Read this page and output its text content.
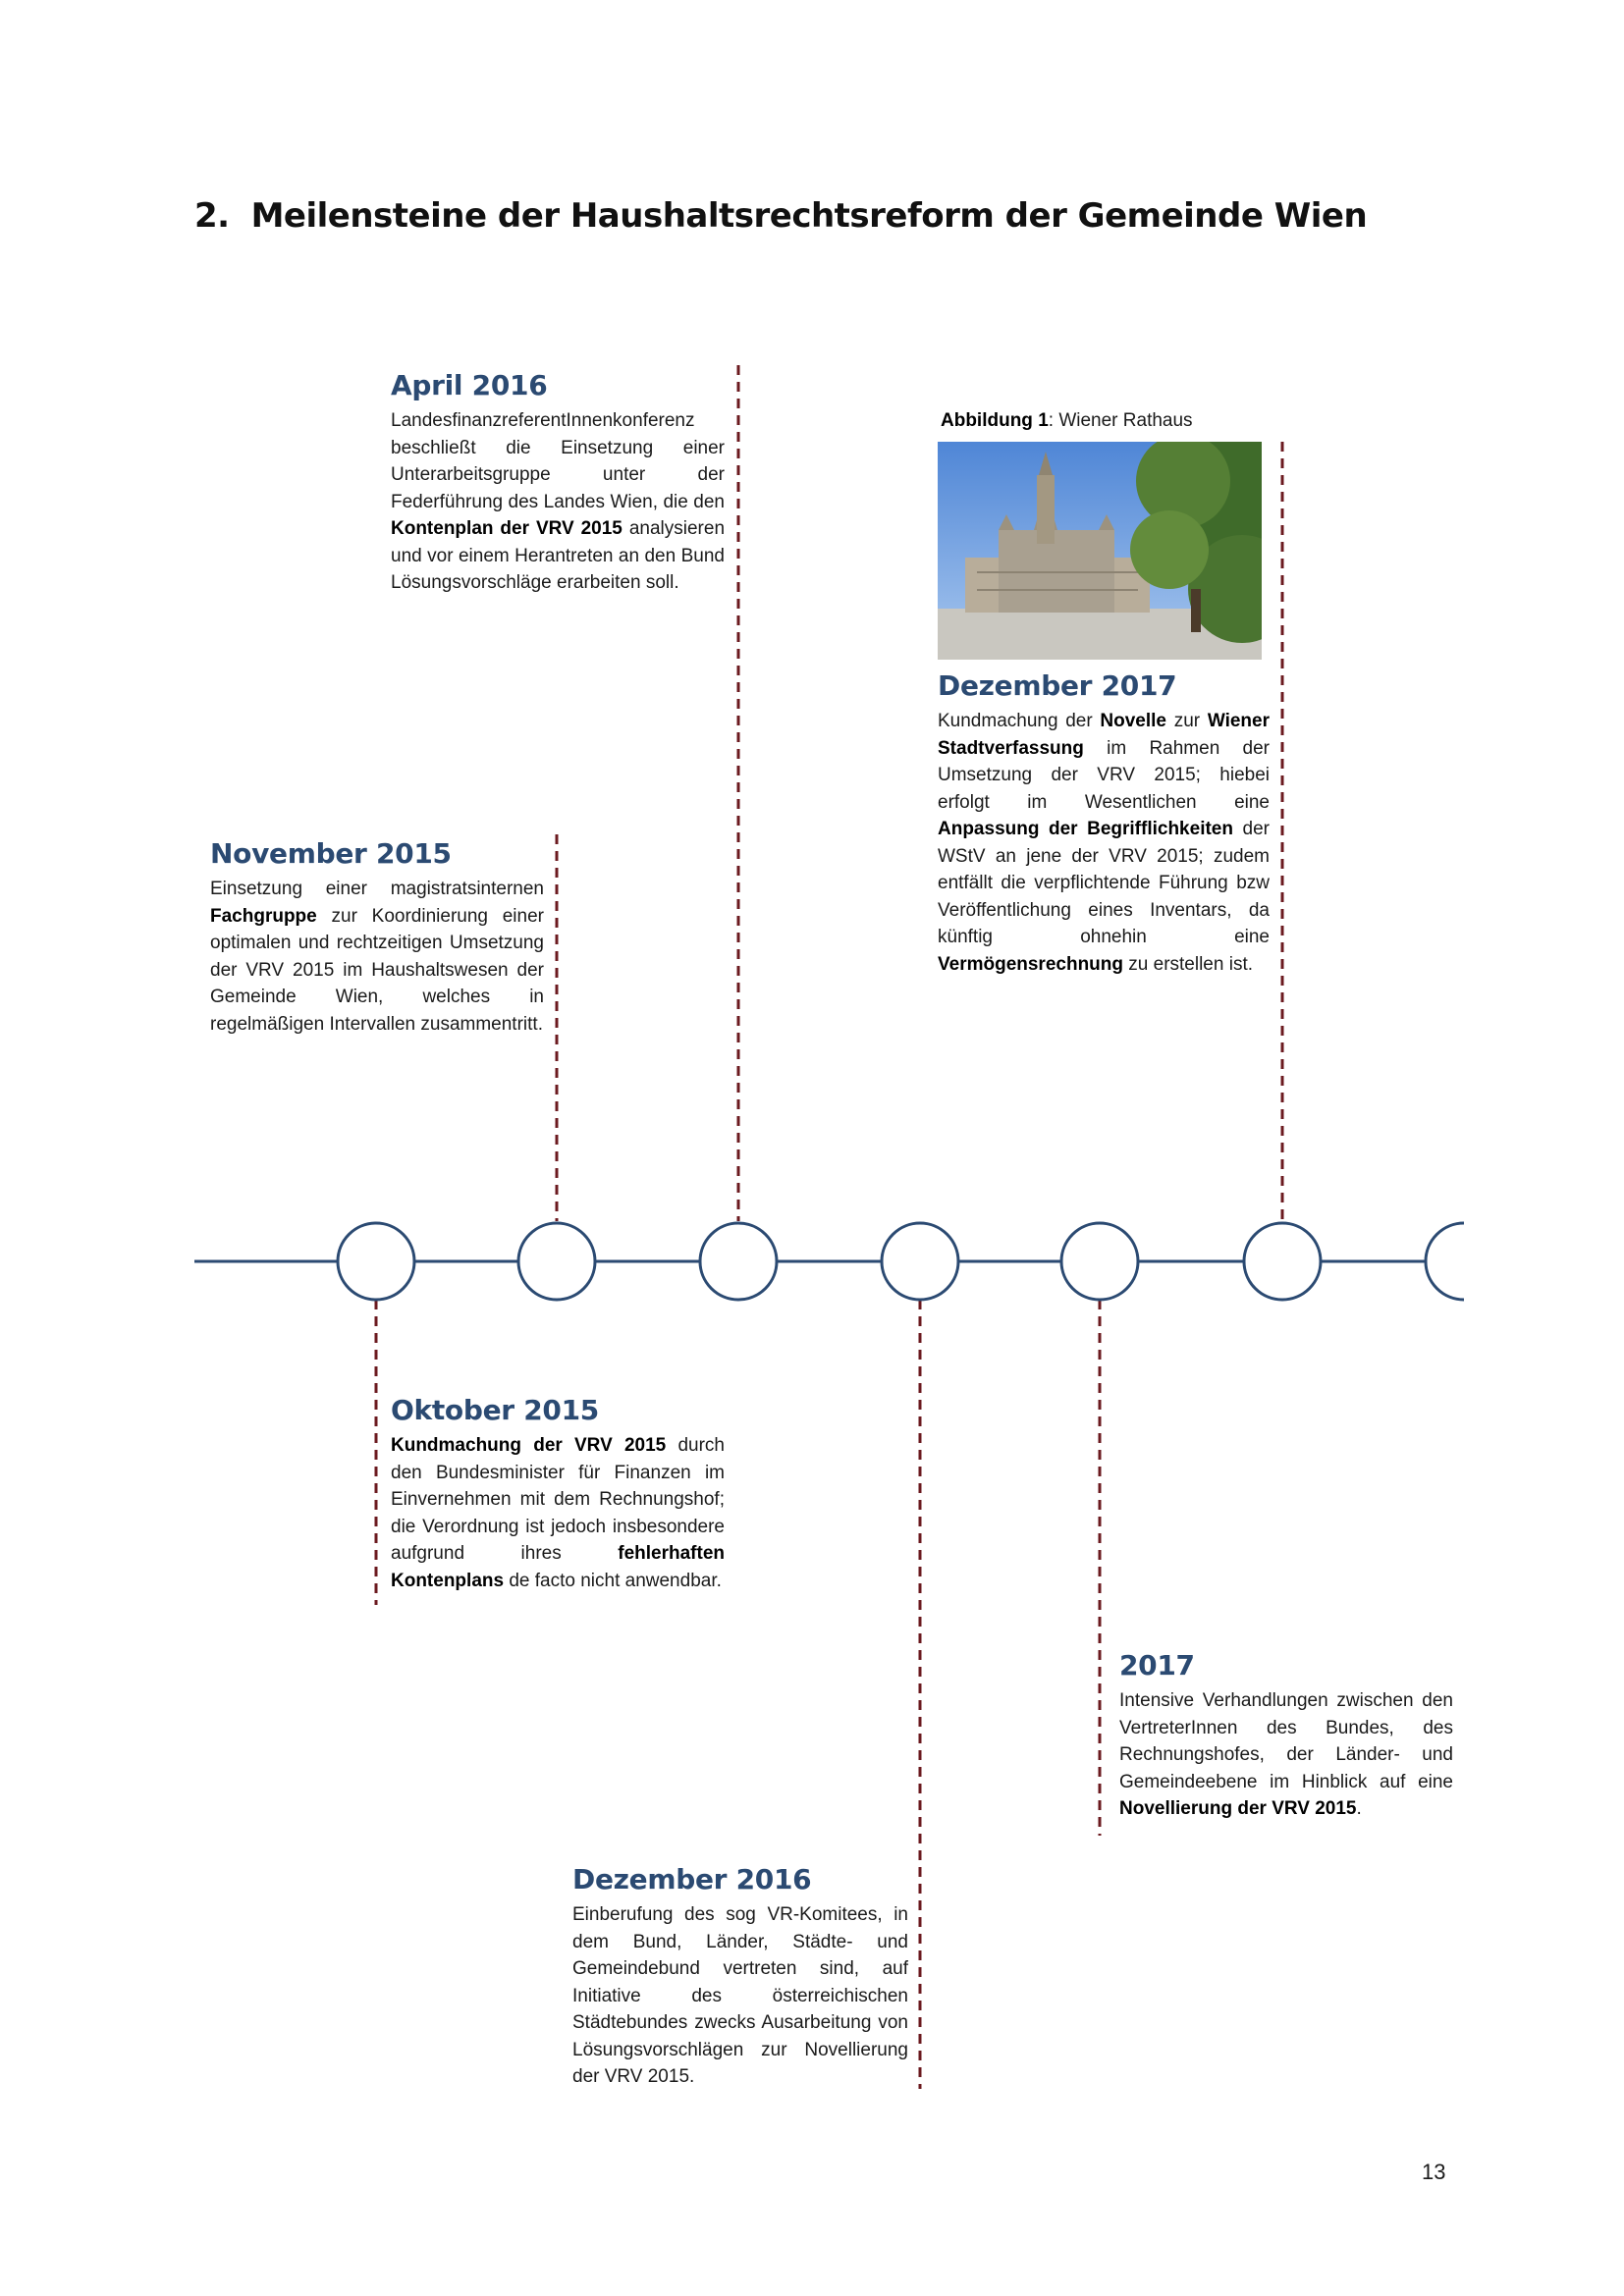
2. Meilensteine der Haushaltsrechtsreform der Gemeinde Wien
April 2016

LandesfinanzreferentInnenkonferenz beschließt die Einsetzung einer Unterarbeitsgruppe unter der Federführung des Landes Wien, die den Kontenplan der VRV 2015 analysieren und vor einem Herantreten an den Bund Lösungsvorschläge erarbeiten soll.

November 2015

Einsetzung einer magistratsinternen Fachgruppe zur Koordinierung einer optimalen und rechtzeitigen Umsetzung der VRV 2015 im Haushaltswesen der Gemeinde Wien, welches in regelmäßigen Intervallen zusammentritt.

Abbildung 1: Wiener Rathaus
Dezember 2017

Kundmachung der Novelle zur Wiener Stadtverfassung im Rahmen der Umsetzung der VRV 2015; hiebei erfolgt im Wesentlichen eine Anpassung der Begrifflichkeiten der WStV an jene der VRV 2015; zudem entfällt die verpflichtende Führung bzw Veröffentlichung eines Inventars, da künftig ohnehin eine Vermögensrechnung zu erstellen ist.

Oktober 2015

Kundmachung der VRV 2015 durch den Bundesminister für Finanzen im Einvernehmen mit dem Rechnungshof; die Verordnung ist jedoch insbesondere aufgrund ihres fehlerhaften Kontenplans de facto nicht anwendbar.

2017

Intensive Verhandlungen zwischen den VertreterInnen des Bundes, des Rechnungshofes, der Länder- und Gemeindeebene im Hinblick auf eine Novellierung der VRV 2015.

Dezember 2016

Einberufung des sog VR-Komitees, in dem Bund, Länder, Städte- und Gemeindebund vertreten sind, auf Initiative des österreichischen Städtebundes zwecks Ausarbeitung von Lösungsvorschlägen zur Novellierung der VRV 2015.

13
